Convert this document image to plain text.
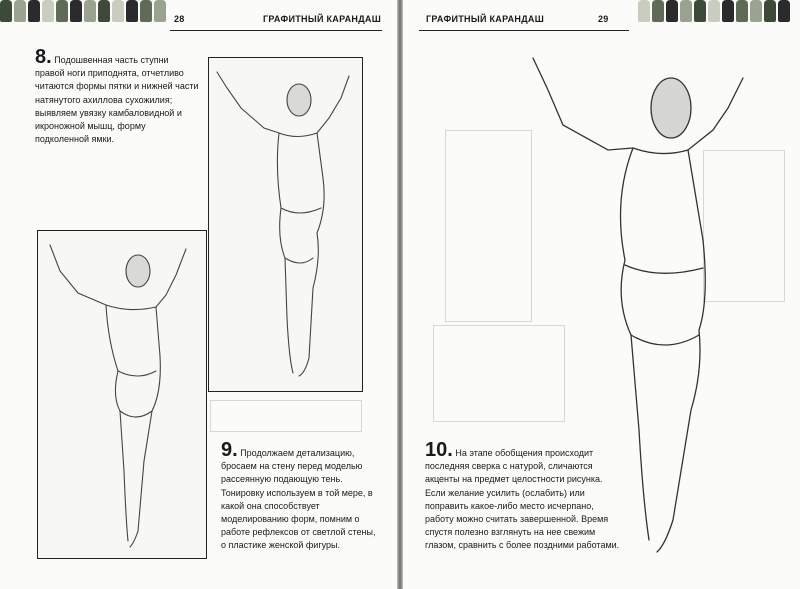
28	ГРАФИТНЫЙ КАРАНДАШ
8. Подошвенная часть ступни правой ноги приподнята, отчетливо читаются формы пятки и нижней части натянутого ахиллова сухожилия; выявляем увязку камбаловидной и икроножной мышц, форму подколенной ямки.
9. Продолжаем детализацию, бросаем на стену перед моделью рассеянную подающую тень. Тонировку используем в той мере, в какой она способствует моделированию форм, помним о работе рефлексов от светлой стены, о пластике женской фигуры.
ГРАФИТНЫЙ КАРАНДАШ	29
10. На этапе обобщения происходит последняя сверка с натурой, сличаются акценты на предмет целостности рисунка. Если желание усилить (ослабить) или поправить какое-либо место исчерпано, работу можно считать завершенной. Время спустя полезно взглянуть на нее свежим глазом, сравнить с более поздними работами.
